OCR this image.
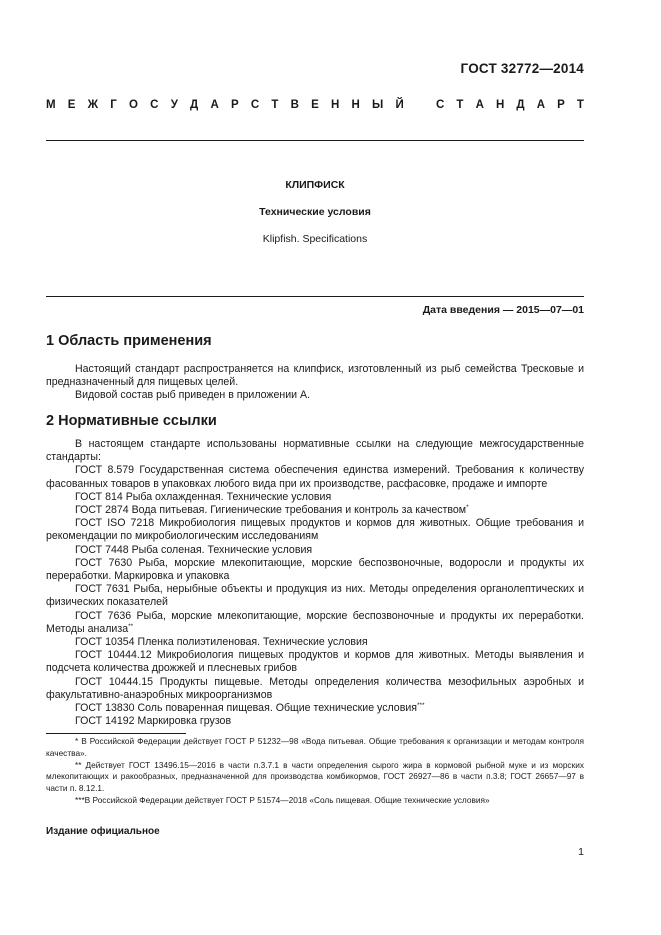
ГОСТ 32772—2014
М Е Ж Г О С У Д А Р С Т В Е Н Н Ы Й	С Т А Н Д А Р Т
КЛИПФИСК
Технические условия
Klipfish. Specifications
Дата введения — 2015—07—01
1 Область применения

Настоящий стандарт распространяется на клипфиск, изготовленный из рыб семейства Тресковые и предназначенный для пищевых целей.

Видовой состав рыб приведен в приложении А.

2 Нормативные ссылки

В настоящем стандарте использованы нормативные ссылки на следующие межгосударственные стандарты:

ГОСТ 8.579 Государственная система обеспечения единства измерений. Требования к количеству фасованных товаров в упаковках любого вида при их производстве, расфасовке, продаже и импорте

ГОСТ 814 Рыба охлажденная. Технические условия

ГОСТ 2874 Вода питьевая. Гигиенические требования и контроль за качеством*

ГОСТ ISO 7218 Микробиология пищевых продуктов и кормов для животных. Общие требования и рекомендации по микробиологическим исследованиям

ГОСТ 7448 Рыба соленая. Технические условия

ГОСТ 7630 Рыба, морские млекопитающие, морские беспозвоночные, водоросли и продукты их переработки. Маркировка и упаковка

ГОСТ 7631 Рыба, нерыбные объекты и продукция из них. Методы определения органолептических и физических показателей

ГОСТ 7636 Рыба, морские млекопитающие, морские беспозвоночные и продукты их переработки. Методы анализа**

ГОСТ 10354 Пленка полиэтиленовая. Технические условия

ГОСТ 10444.12 Микробиология пищевых продуктов и кормов для животных. Методы выявления и подсчета количества дрожжей и плесневых грибов

ГОСТ 10444.15 Продукты пищевые. Методы определения количества мезофильных аэробных и факультативно-анаэробных микроорганизмов

ГОСТ 13830 Соль поваренная пищевая. Общие технические условия***

ГОСТ 14192 Маркировка грузов

* В Российской Федерации действует ГОСТ Р 51232—98 «Вода питьевая. Общие требования к организации и методам контроля качества».

** Действует ГОСТ 13496.15—2016 в части п.3.7.1 в части определения сырого жира в кормовой рыбной муке и из морских млекопитающих и ракообразных, предназначенной для производства комбикормов, ГОСТ 26927—86 в части п.3.8; ГОСТ 26657—97 в части п. 8.12.1.

***В Российской Федерации действует ГОСТ Р 51574—2018 «Соль пищевая. Общие технические условия»

Издание официальное
1
